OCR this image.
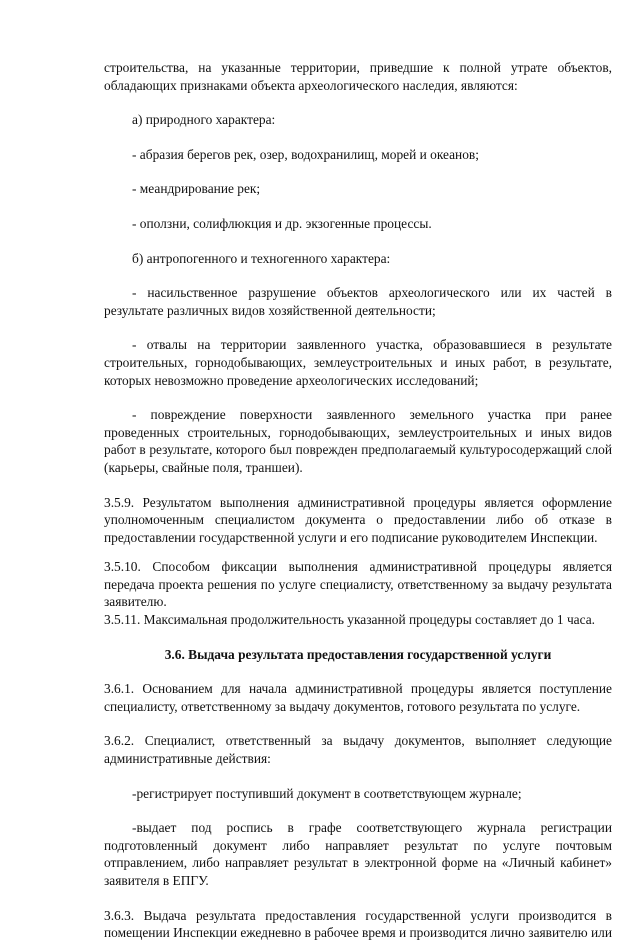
строительства, на указанные территории, приведшие к полной утрате объектов, обладающих признаками объекта археологического наследия, являются:

а) природного характера:

- абразия берегов рек, озер, водохранилищ, морей и океанов;

- меандрирование рек;

- оползни, солифлюкция и др. экзогенные процессы.

б) антропогенного и техногенного характера:

- насильственное разрушение объектов археологического или их частей в результате различных видов хозяйственной деятельности;

- отвалы на территории заявленного участка, образовавшиеся в результате строительных, горнодобывающих, землеустроительных и иных работ, в результате, которых невозможно проведение археологических исследований;

- повреждение поверхности заявленного земельного участка при ранее проведенных строительных, горнодобывающих, землеустроительных и иных видов работ в результате, которого был поврежден предполагаемый культуросодержащий слой (карьеры, свайные поля, траншеи).

3.5.9. Результатом выполнения административной процедуры является оформление уполномоченным специалистом документа о предоставлении либо об отказе в предоставлении государственной услуги и его подписание руководителем Инспекции.

3.5.10. Способом фиксации выполнения административной процедуры является передача проекта решения по услуге специалисту, ответственному за выдачу результата заявителю.

3.5.11. Максимальная продолжительность указанной процедуры составляет до 1 часа.

3.6. Выдача результата предоставления государственной услуги

3.6.1. Основанием для начала административной процедуры является поступление специалисту, ответственному за выдачу документов, готового результата по услуге.

3.6.2. Специалист, ответственный за выдачу документов, выполняет следующие административные действия:

-регистрирует поступивший документ в соответствующем журнале;

-выдает под роспись в графе соответствующего журнала регистрации подготовленный документ либо направляет результат по услуге почтовым отправлением, либо направляет результат в электронной форме на «Личный кабинет» заявителя в ЕПГУ.

3.6.3. Выдача результата предоставления государственной услуги производится в помещении Инспекции ежедневно в рабочее время и производится лично заявителю или
